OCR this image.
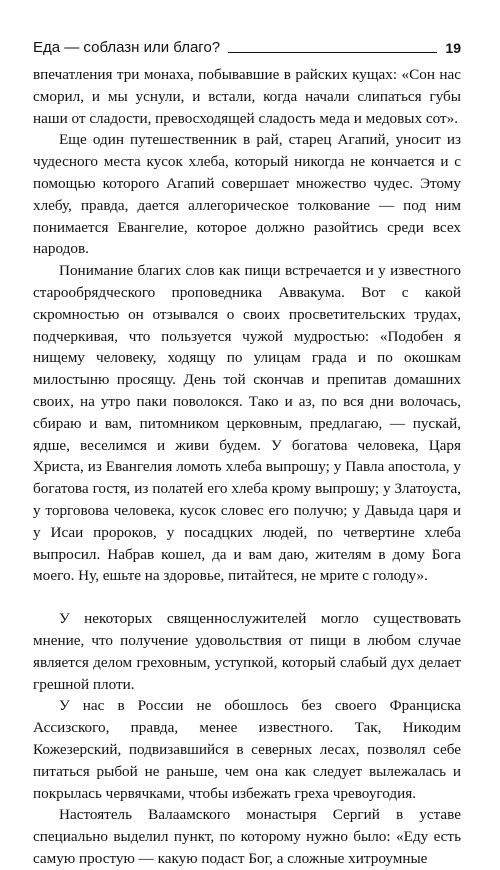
Еда — соблазн или благо?	19

впечатления три монаха, побывавшие в райских кущах: «Сон нас сморил, и мы уснули, и встали, когда начали слипаться губы наши от сладости, превосходящей сладость меда и медовых сот».

Еще один путешественник в рай, старец Агапий, уносит из чудесного места кусок хлеба, который никогда не кончается и с помощью которого Агапий совершает множество чудес. Этому хлебу, правда, дается аллегорическое толкование — под ним понимается Евангелие, которое должно разойтись среди всех народов.

Понимание благих слов как пищи встречается и у известного старообрядческого проповедника Аввакума. Вот с какой скромностью он отзывался о своих просветительских трудах, подчеркивая, что пользуется чужой мудростью: «Подобен я нищему человеку, ходящу по улицам града и по окошкам милостыню просящу. День той скончав и препитав домашних своих, на утро паки поволокся. Тако и аз, по вся дни волочась, сбираю и вам, питомником церковным, предлагаю, — пускай, ядше, веселимся и живи будем. У богатова человека, Царя Христа, из Евангелия ломоть хлеба выпрошу; у Павла апостола, у богатова гостя, из полатей его хлеба крому выпрошу; у Златоуста, у торговова человека, кусок словес его получю; у Давыда царя и у Исаи пророков, у посадцких людей, по четвертине хлеба выпросил. Набрав кошел, да и вам даю, жителям в дому Бога моего. Ну, ешьте на здоровье, питайтеся, не мрите с голоду».

У некоторых священнослужителей могло существовать мнение, что получение удовольствия от пищи в любом случае является делом греховным, уступкой, который слабый дух делает грешной плоти.

У нас в России не обошлось без своего Франциска Ассизского, правда, менее известного. Так, Никодим Кожезерский, подвизавшийся в северных лесах, позволял себе питаться рыбой не раньше, чем она как следует вылежалась и покрылась червячками, чтобы избежать греха чревоугодия.

Настоятель Валаамского монастыря Сергий в уставе специально выделил пункт, по которому нужно было: «Еду есть самую простую — какую подаст Бог, а сложные хитроумные
